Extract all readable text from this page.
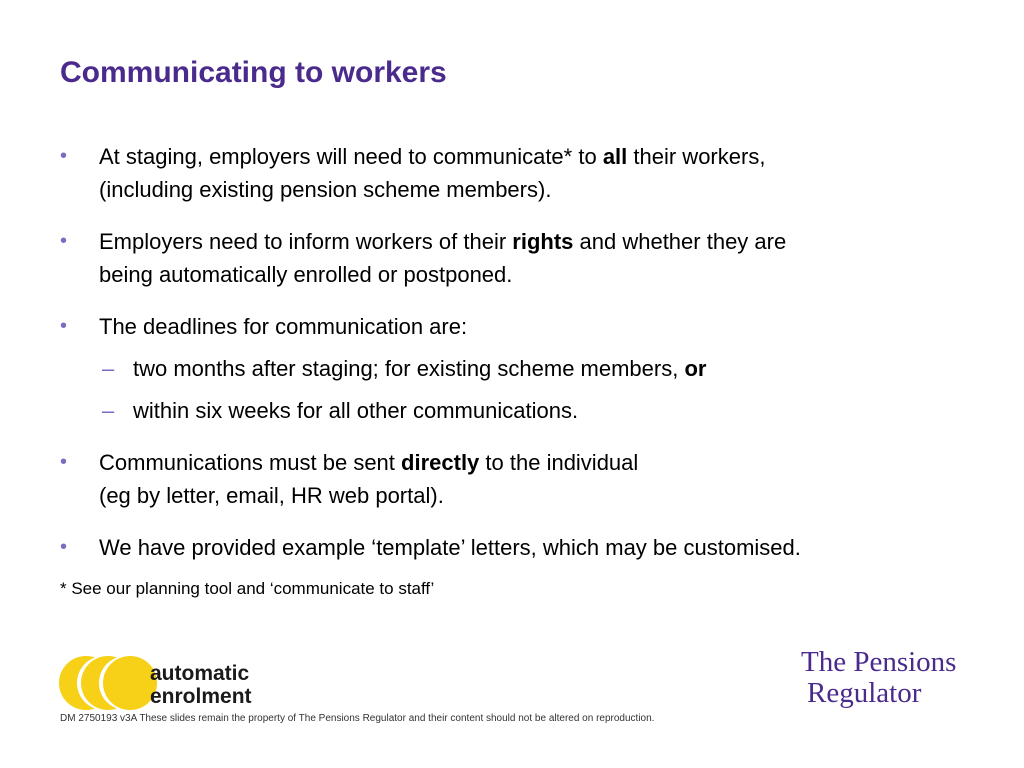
Communicating to workers
• At staging, employers will need to communicate* to all their workers,
(including existing pension scheme members).
• Employers need to inform workers of their rights and whether they are
being automatically enrolled or postponed.
• The deadlines for communication are:
– two months after staging; for existing scheme members, or
– within six weeks for all other communications.
• Communications must be sent directly to the individual
(eg by letter, email, HR web portal).
• We have provided example ‘template’ letters, which may be customised.
* See our planning tool and ‘communicate to staff’
automatic
enrolment
The Pensions
Regulator
DM 2750193 v3A These slides remain the property of The Pensions Regulator and their content should not be altered on reproduction.
